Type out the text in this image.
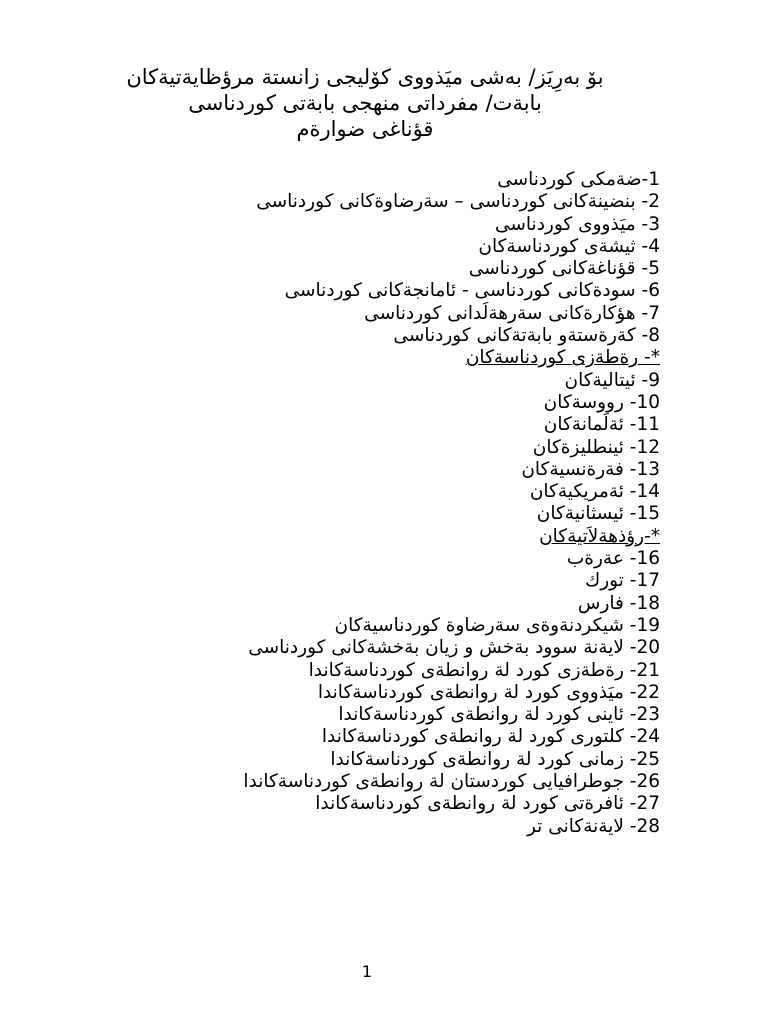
بۆ بەرِیَز/ بەشی میَذووی کۆلیجی زانستة مرؤظایةتیةکان
بابةت/ مفرداتی منهجی بابةتی کوردناسی
قؤناغی ضوارةم
1-ضةمکی کوردناسی
2- بنضینةکانی کوردناسی – سةرضاوةکانی کوردناسی
3- میَذووی کوردناسی
4- ثیشةی کوردناسةکان
5- قؤناغةکانی کوردناسی
6- سودةکانی کوردناسی - ئامانجةکانی کوردناسی
7- هؤکارةکانی سةرهةلَدانی کوردناسی
8- کةرةستةو بابةتةکانی کوردناسی
*- رةطةزی کوردناسةکان
9- ئیتالیةکان
10- رووسةکان
11- ئةلَمانةکان
12- ئینطلیزةکان
13- فةرةنسیةکان
14- ئةمریکیةکان
15- ئیسثانیةکان
*-رؤذهةلاَتیةکان
16- عةرةب
17- تورك
18- فارس
19- شیکردنةوةی سةرضاوة کوردناسیةکان
20- لایةنة سوود بةخش و زیان بةخشةکانی کوردناسی
21- رةطةزی کورد لة روانطةی کوردناسةکاندا
22- میَذووی کورد لة روانطةی کوردناسةکاندا
23- ئاینی کورد لة روانطةی کوردناسةکاندا
24- کلتوری کورد لة روانطةی کوردناسةکاندا
25- زمانی کورد لة روانطةی کوردناسةکاندا
26- جوطرافیایی کوردستان لة روانطةی کوردناسةکاندا
27- ئافرةتی کورد لة روانطةی کوردناسةکاندا
28- لایةنةکانی تر
1
